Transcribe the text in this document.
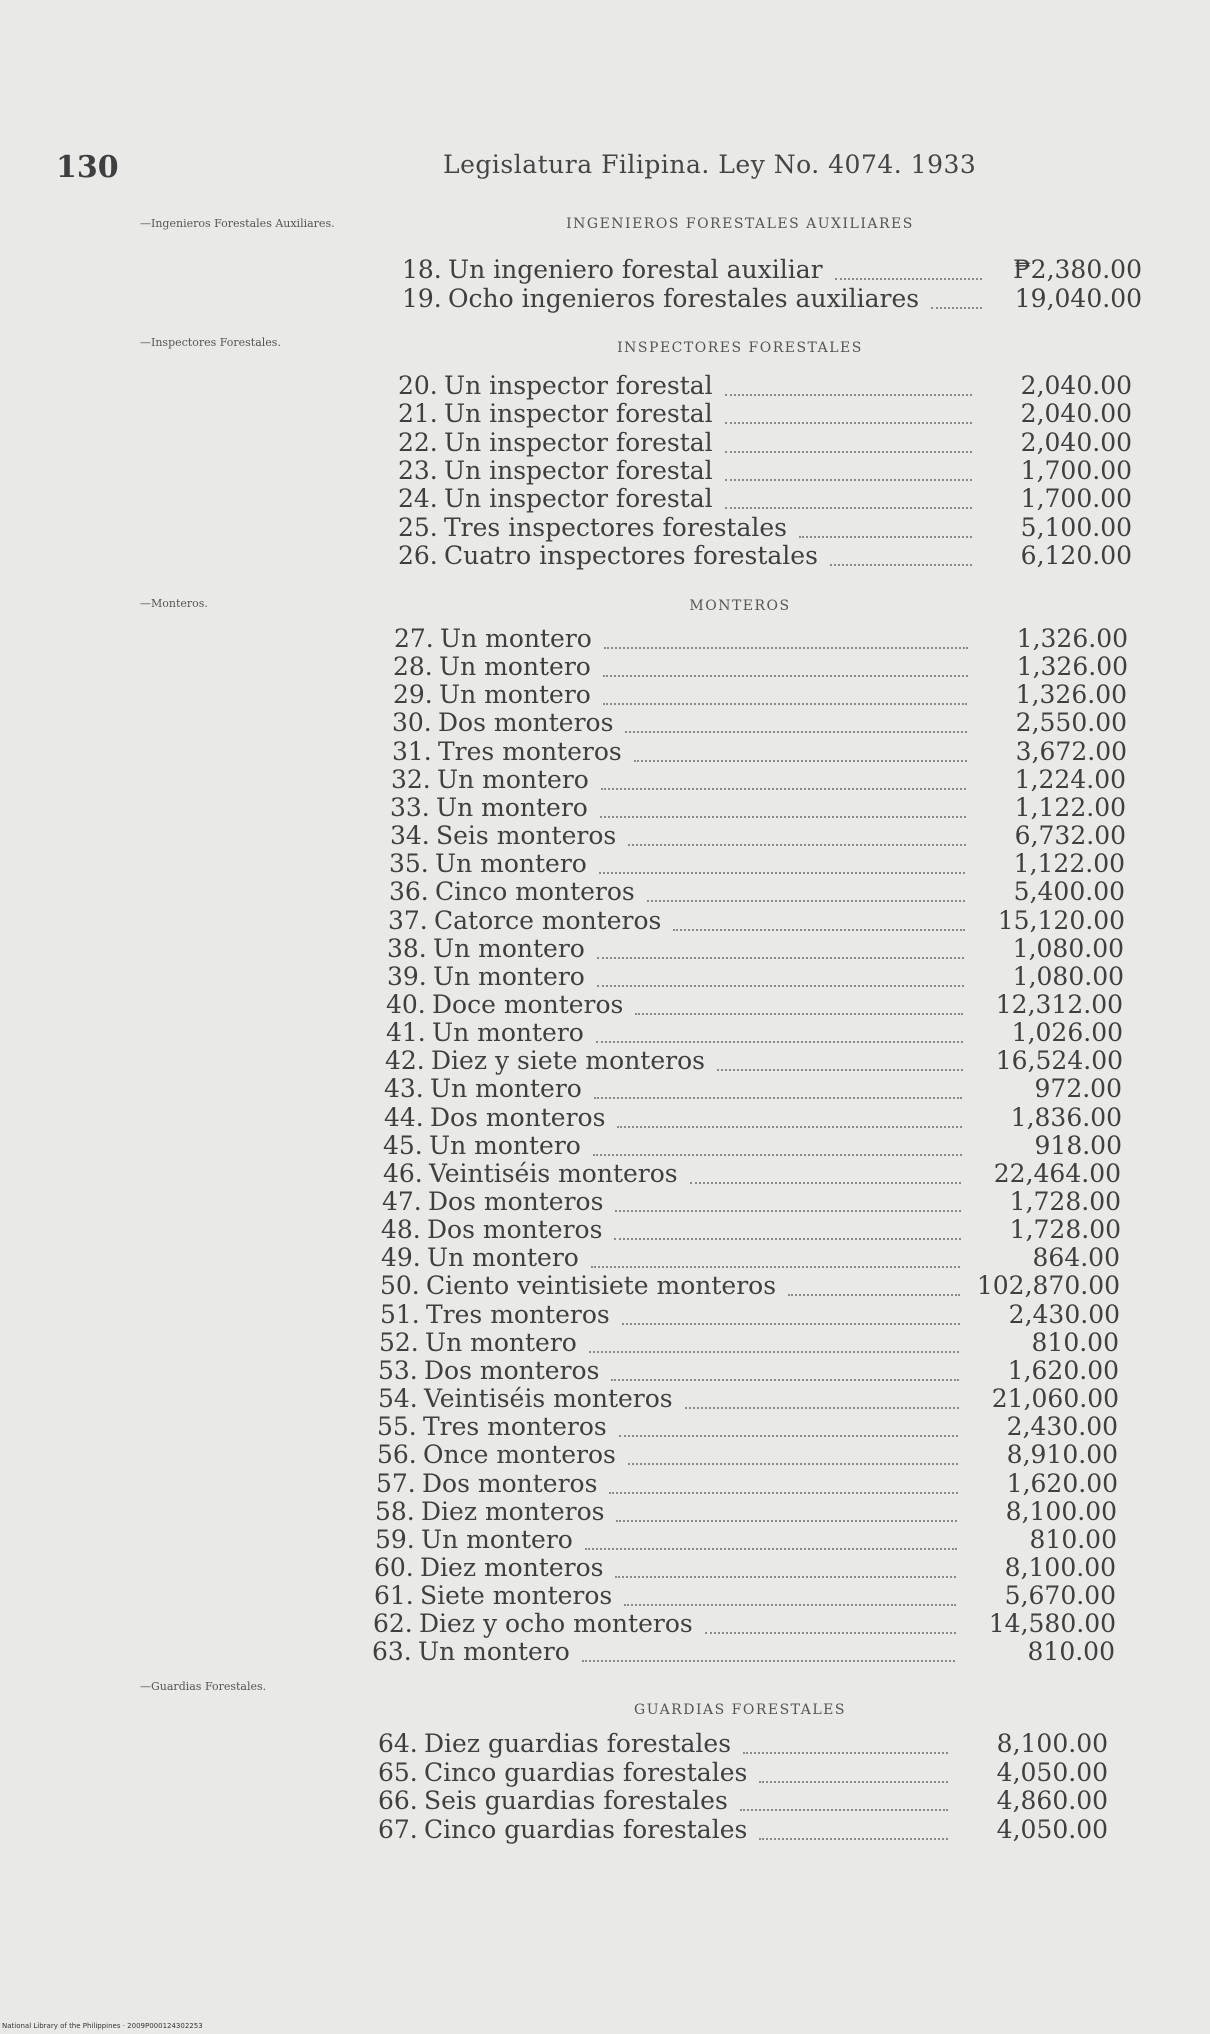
130	Legislatura Filipina. Ley No. 4074. 1933
—Ingenieros Forestales Auxiliares.
—Inspectores Forestales.
—Monteros.
—Guardias Forestales.
INGENIEROS FORESTALES AUXILIARES
INSPECTORES FORESTALES
MONTEROS
GUARDIAS FORESTALES
18. Un ingeniero forestal auxiliar	₱2,380.00
19. Ocho ingenieros forestales auxiliares	19,040.00
20. Un inspector forestal	2,040.00
21. Un inspector forestal	2,040.00
22. Un inspector forestal	2,040.00
23. Un inspector forestal	1,700.00
24. Un inspector forestal	1,700.00
25. Tres inspectores forestales	5,100.00
26. Cuatro inspectores forestales	6,120.00
27. Un montero	1,326.00
28. Un montero	1,326.00
29. Un montero	1,326.00
30. Dos monteros	2,550.00
31. Tres monteros	3,672.00
32. Un montero	1,224.00
33. Un montero	1,122.00
34. Seis monteros	6,732.00
35. Un montero	1,122.00
36. Cinco monteros	5,400.00
37. Catorce monteros	15,120.00
38. Un montero	1,080.00
39. Un montero	1,080.00
40. Doce monteros	12,312.00
41. Un montero	1,026.00
42. Diez y siete monteros	16,524.00
43. Un montero	972.00
44. Dos monteros	1,836.00
45. Un montero	918.00
46. Veintiséis monteros	22,464.00
47. Dos monteros	1,728.00
48. Dos monteros	1,728.00
49. Un montero	864.00
50. Ciento veintisiete monteros	102,870.00
51. Tres monteros	2,430.00
52. Un montero	810.00
53. Dos monteros	1,620.00
54. Veintiséis monteros	21,060.00
55. Tres monteros	2,430.00
56. Once monteros	8,910.00
57. Dos monteros	1,620.00
58. Diez monteros	8,100.00
59. Un montero	810.00
60. Diez monteros	8,100.00
61. Siete monteros	5,670.00
62. Diez y ocho monteros	14,580.00
63. Un montero	810.00
64. Diez guardias forestales	8,100.00
65. Cinco guardias forestales	4,050.00
66. Seis guardias forestales	4,860.00
67. Cinco guardias forestales	4,050.00
National Library of the Philippines · 2009P000124302253
